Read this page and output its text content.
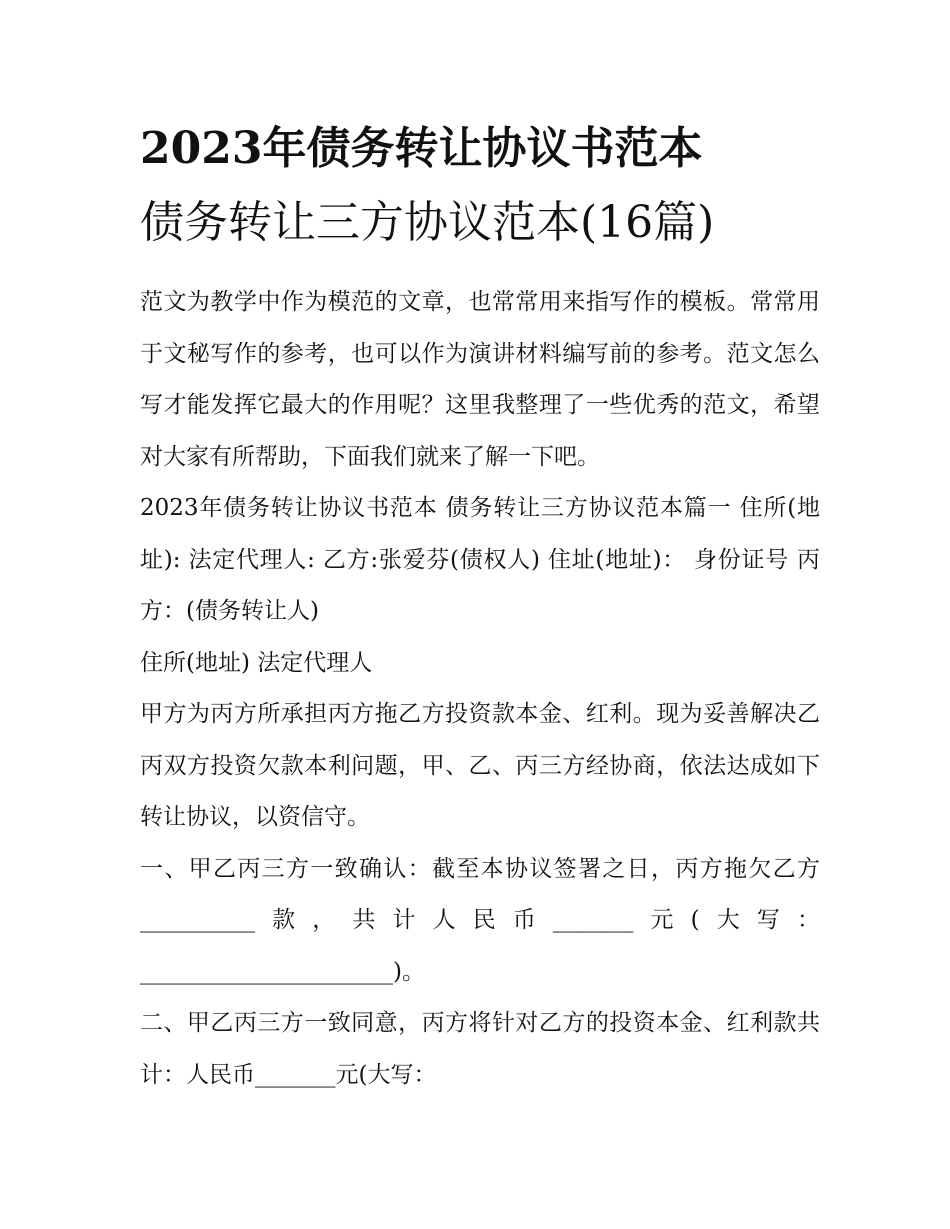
2023年债务转让协议书范本
债务转让三方协议范本(16篇)

范文为教学中作为模范的文章，也常常用来指写作的模板。常常用于文秘写作的参考，也可以作为演讲材料编写前的参考。范文怎么写才能发挥它最大的作用呢？这里我整理了一些优秀的范文，希望对大家有所帮助，下面我们就来了解一下吧。

2023年债务转让协议书范本 债务转让三方协议范本篇一 住所(地址): 法定代理人: 乙方:张爱芬(债权人) 住址(地址)： 身份证号 丙方：(债务转让人)

住所(地址) 法定代理人

甲方为丙方所承担丙方拖乙方投资款本金、红利。现为妥善解决乙丙双方投资欠款本利问题，甲、乙、丙三方经协商，依法达成如下转让协议，以资信守。

一、甲乙丙三方一致确认：截至本协议签署之日，丙方拖欠乙方__________款，共计人民币_______元(大写：______________________)。

二、甲乙丙三方一致同意，丙方将针对乙方的投资本金、红利款共计：人民币_______元(大写：
